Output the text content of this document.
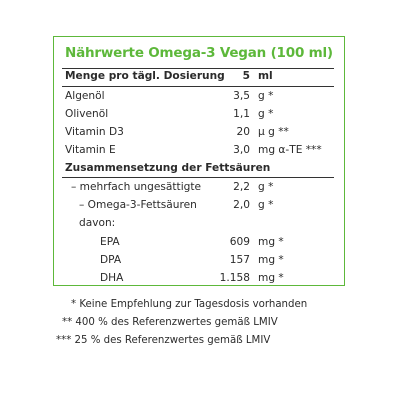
Nährwerte Omega-3 Vegan (100 ml)
Menge pro tägl. Dosierung 5 ml
Algenöl	3,5 g *
Olivenöl	1,1 g *
Vitamin D3	20 µ g **
Vitamin E	3,0 mg α-TE ***
Zusammensetzung der Fettsäuren
– mehrfach ungesättigte	2,2 g *
– Omega-3-Fettsäuren	2,0 g *
davon:
EPA	609 mg *
DPA	157 mg *
DHA	1.158 mg *
* Keine Empfehlung zur Tagesdosis vorhanden
** 400 % des Referenzwertes gemäß LMIV
*** 25 % des Referenzwertes gemäß LMIV
